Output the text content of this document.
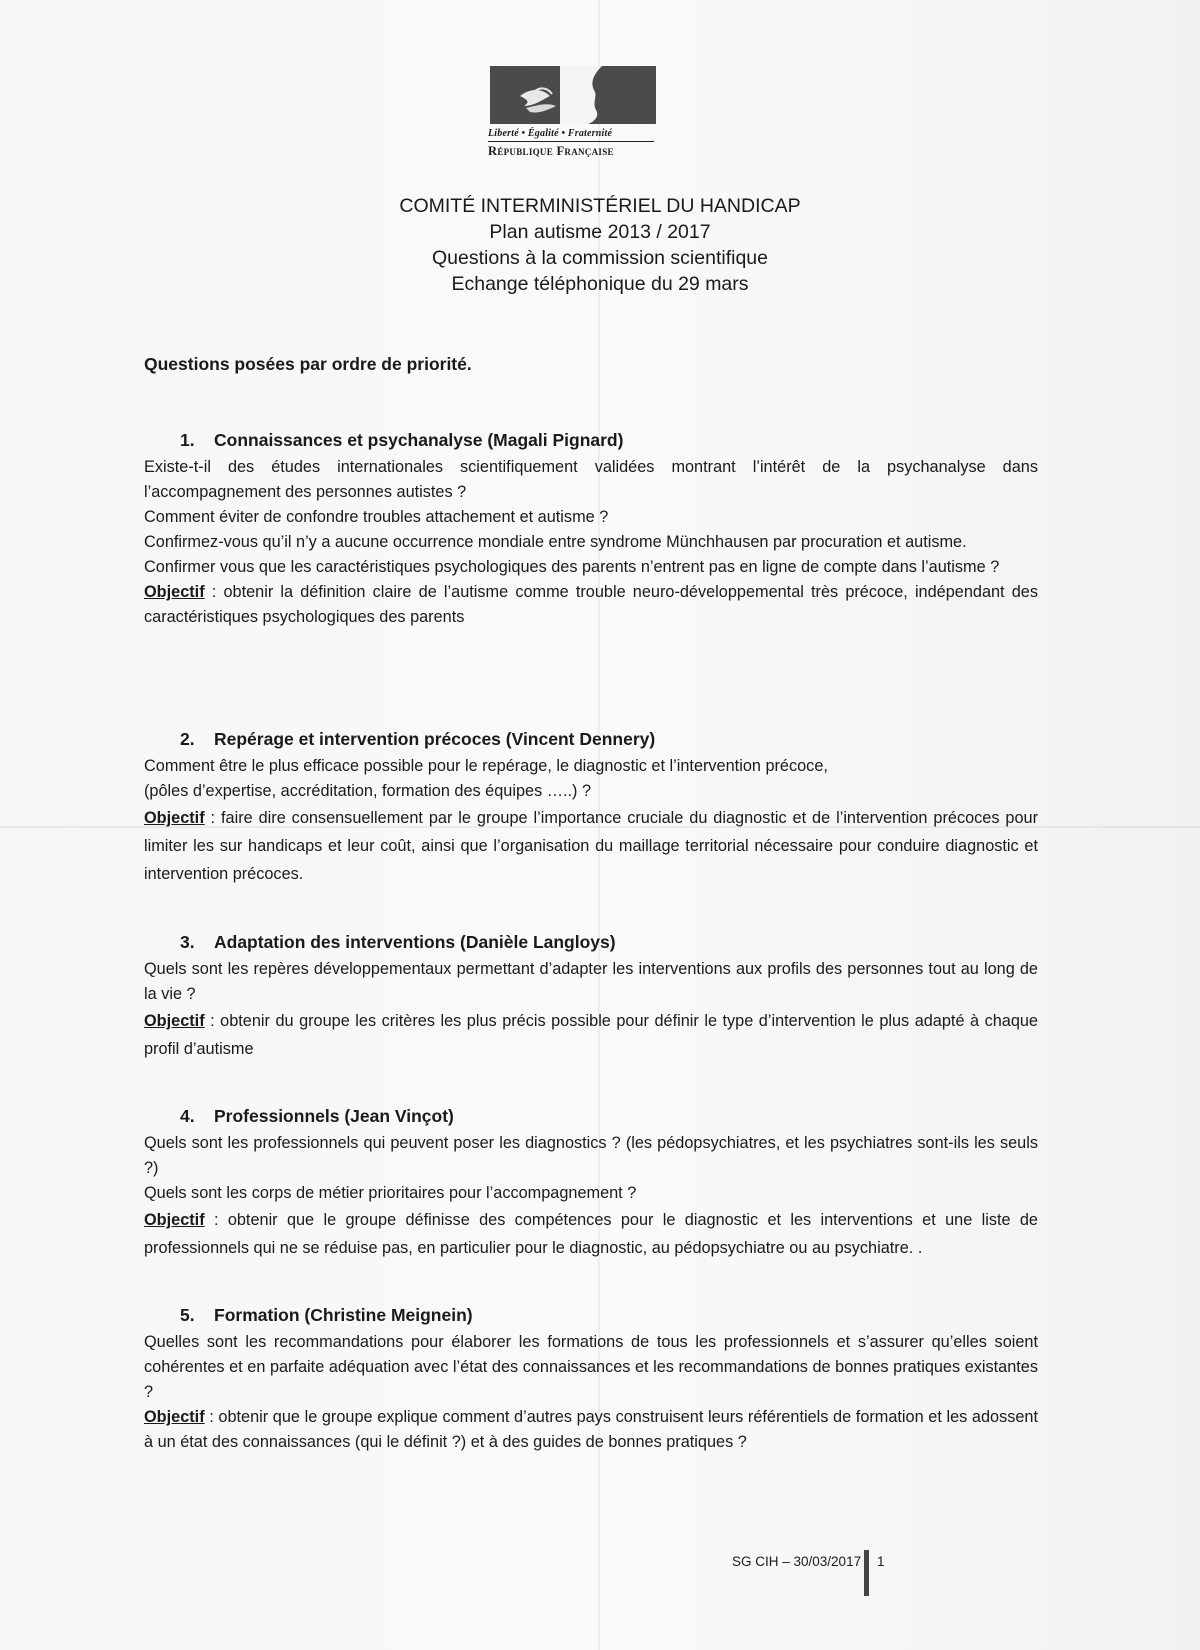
Liberté • Égalité • Fraternité
République Française
COMITÉ INTERMINISTÉRIEL DU HANDICAP
Plan autisme 2013 / 2017
Questions à la commission scientifique
Echange téléphonique du 29 mars
Questions posées par ordre de priorité.
1. Connaissances et psychanalyse (Magali Pignard)

Existe-t-il des études internationales scientifiquement validées montrant l’intérêt de la psychanalyse dans l’accompagnement des personnes autistes ?

Comment éviter de confondre troubles attachement et autisme ?

Confirmez-vous qu’il n’y a aucune occurrence mondiale entre syndrome Münchhausen par procuration et autisme.

Confirmer vous que les caractéristiques psychologiques des parents n’entrent pas en ligne de compte dans l’autisme ?

Objectif : obtenir la définition claire de l’autisme comme trouble neuro-développemental très précoce, indépendant des caractéristiques psychologiques des parents

2. Repérage et intervention précoces (Vincent Dennery)

Comment être le plus efficace possible pour le repérage, le diagnostic et l’intervention précoce,

(pôles d’expertise, accréditation, formation des équipes …..) ?

Objectif : faire dire consensuellement par le groupe l’importance cruciale du diagnostic et de l’intervention précoces pour limiter les sur handicaps et leur coût, ainsi que l’organisation du maillage territorial nécessaire pour conduire diagnostic et intervention précoces.

3. Adaptation des interventions (Danièle Langloys)

Quels sont les repères développementaux permettant d’adapter les interventions aux profils des personnes tout au long de la vie ?

Objectif : obtenir du groupe les critères les plus précis possible pour définir le type d’intervention le plus adapté à chaque profil d’autisme

4. Professionnels (Jean Vinçot)

Quels sont les professionnels qui peuvent poser les diagnostics ? (les pédopsychiatres, et les psychiatres sont-ils les seuls ?)

Quels sont les corps de métier prioritaires pour l’accompagnement ?

Objectif : obtenir que le groupe définisse des compétences pour le diagnostic et les interventions et une liste de professionnels qui ne se réduise pas, en particulier pour le diagnostic, au pédopsychiatre ou au psychiatre. .

5. Formation (Christine Meignein)

Quelles sont les recommandations pour élaborer les formations de tous les professionnels et s’assurer qu’elles soient cohérentes et en parfaite adéquation avec l’état des connaissances et les recommandations de bonnes pratiques existantes ?

Objectif : obtenir que le groupe explique comment d’autres pays construisent leurs référentiels de formation et les adossent à un état des connaissances (qui le définit ?) et à des guides de bonnes pratiques ?

SG CIH – 30/03/2017 1
